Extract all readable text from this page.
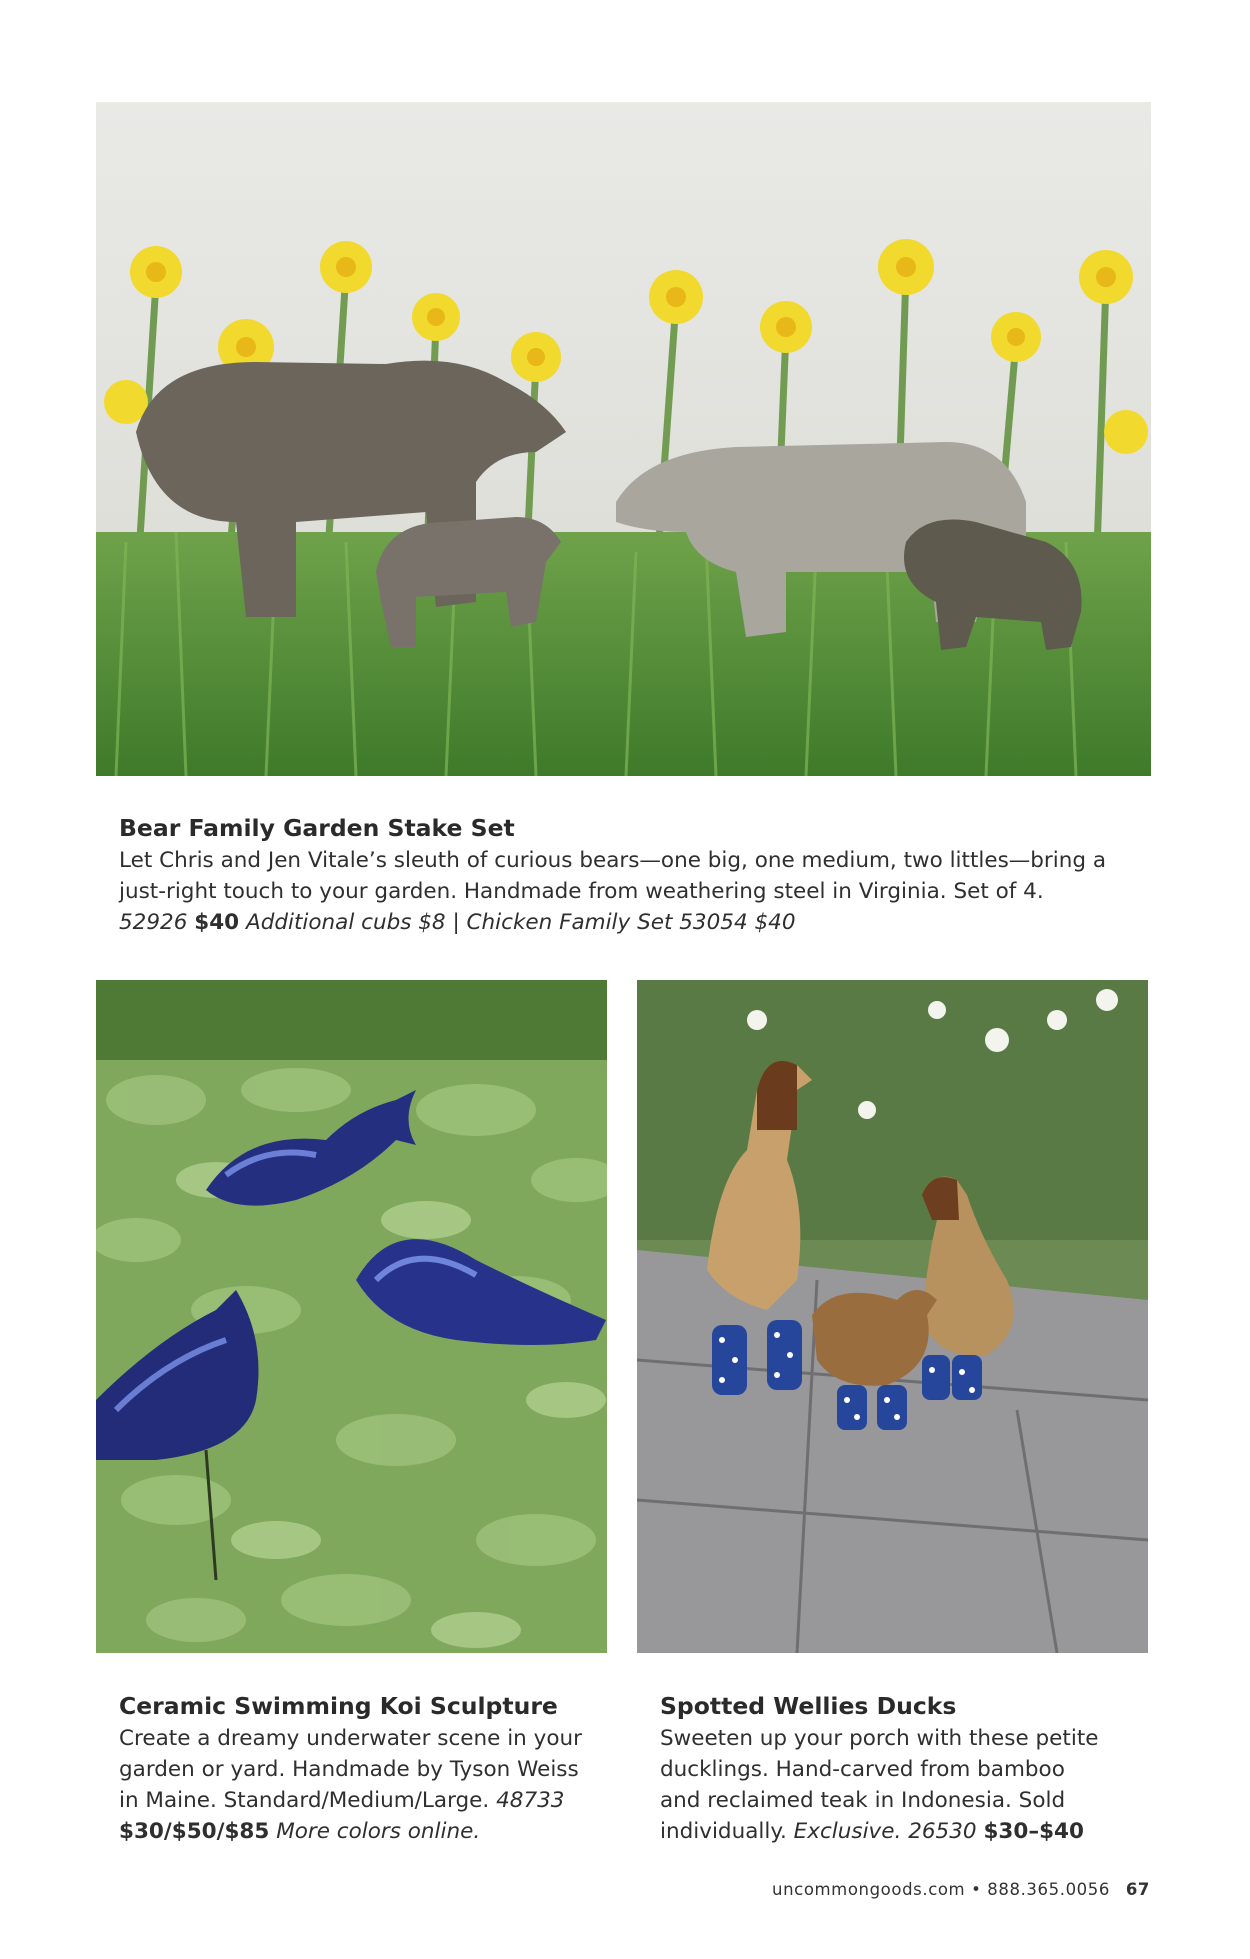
Bear Family Garden Stake Set
Let Chris and Jen Vitale’s sleuth of curious bears—one big, one medium, two littles—bring a
just-right touch to your garden. Handmade from weathering steel in Virginia. Set of 4.
52926 $40 Additional cubs $8 | Chicken Family Set 53054 $40
Ceramic Swimming Koi Sculpture
Create a dreamy underwater scene in your
garden or yard. Handmade by Tyson Weiss
in Maine. Standard/Medium/Large. 48733
$30/$50/$85 More colors online.
Spotted Wellies Ducks
Sweeten up your porch with these petite
ducklings. Hand-carved from bamboo
and reclaimed teak in Indonesia. Sold
individually. Exclusive. 26530 $30–$40
uncommongoods.com • 888.365.0056 67
